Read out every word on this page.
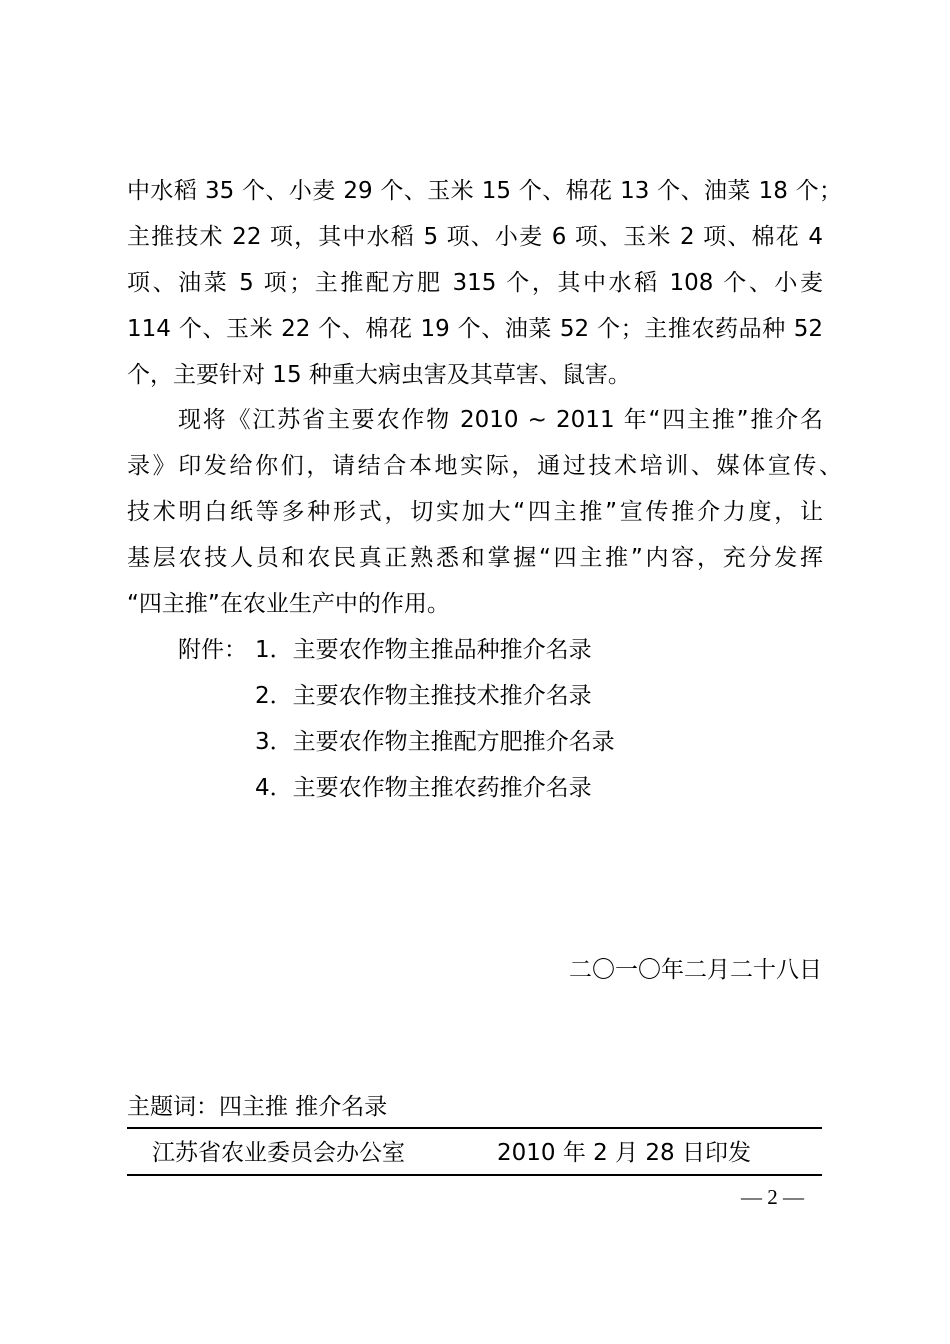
中水稻 35 个、小麦 29 个、玉米 15 个、棉花 13 个、油菜 18 个；
主推技术 22 项，其中水稻 5 项、小麦 6 项、玉米 2 项、棉花 4
项、油菜 5 项；主推配方肥 315 个，其中水稻 108 个、小麦
114 个、玉米 22 个、棉花 19 个、油菜 52 个；主推农药品种 52
个，主要针对 15 种重大病虫害及其草害、鼠害。
现将《江苏省主要农作物 2010 ~ 2011 年“四主推”推介名
录》印发给你们，请结合本地实际，通过技术培训、媒体宣传、
技术明白纸等多种形式，切实加大“四主推”宣传推介力度，让
基层农技人员和农民真正熟悉和掌握“四主推”内容，充分发挥
“四主推”在农业生产中的作用。
附件： 1．主要农作物主推品种推介名录
2．主要农作物主推技术推介名录
3．主要农作物主推配方肥推介名录
4．主要农作物主推农药推介名录
二〇一〇年二月二十八日
主题词：四主推 推介名录
江苏省农业委员会办公室	2010 年 2 月 28 日印发
— 2 —
